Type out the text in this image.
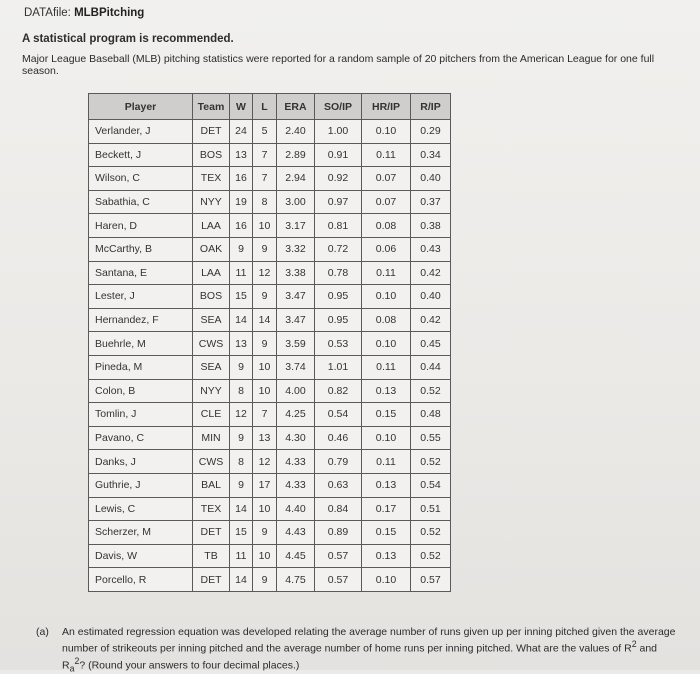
DATAfile: MLBPitching
A statistical program is recommended.
Major League Baseball (MLB) pitching statistics were reported for a random sample of 20 pitchers from the American League for one full season.
Player	Team	W	L	ERA	SO/IP	HR/IP	R/IP
Verlander, J	DET	24	5	2.40	1.00	0.10	0.29
Beckett, J	BOS	13	7	2.89	0.91	0.11	0.34
Wilson, C	TEX	16	7	2.94	0.92	0.07	0.40
Sabathia, C	NYY	19	8	3.00	0.97	0.07	0.37
Haren, D	LAA	16	10	3.17	0.81	0.08	0.38
McCarthy, B	OAK	9	9	3.32	0.72	0.06	0.43
Santana, E	LAA	11	12	3.38	0.78	0.11	0.42
Lester, J	BOS	15	9	3.47	0.95	0.10	0.40
Hernandez, F	SEA	14	14	3.47	0.95	0.08	0.42
Buehrle, M	CWS	13	9	3.59	0.53	0.10	0.45
Pineda, M	SEA	9	10	3.74	1.01	0.11	0.44
Colon, B	NYY	8	10	4.00	0.82	0.13	0.52
Tomlin, J	CLE	12	7	4.25	0.54	0.15	0.48
Pavano, C	MIN	9	13	4.30	0.46	0.10	0.55
Danks, J	CWS	8	12	4.33	0.79	0.11	0.52
Guthrie, J	BAL	9	17	4.33	0.63	0.13	0.54
Lewis, C	TEX	14	10	4.40	0.84	0.17	0.51
Scherzer, M	DET	15	9	4.43	0.89	0.15	0.52
Davis, W	TB	11	10	4.45	0.57	0.13	0.52
Porcello, R	DET	14	9	4.75	0.57	0.10	0.57
(a) An estimated regression equation was developed relating the average number of runs given up per inning pitched given the average number of strikeouts per inning pitched and the average number of home runs per inning pitched. What are the values of $R^2$ and $R_a^2$? (Round your answers to four decimal places.)
